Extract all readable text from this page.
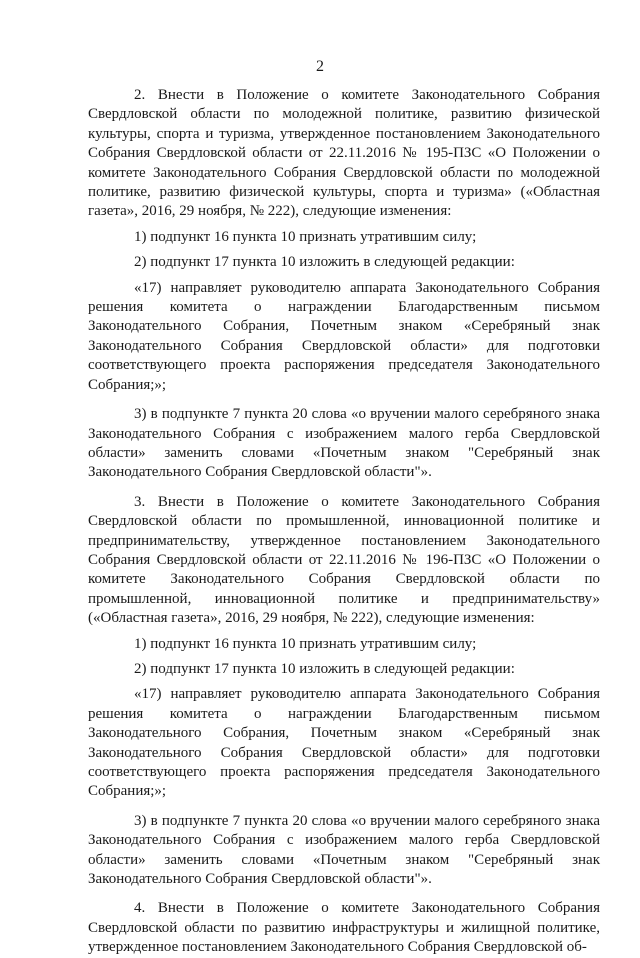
2

2. Внести в Положение о комитете Законодательного Собрания Свердловской области по молодежной политике, развитию физической культуры, спорта и туризма, утвержденное постановлением Законодательного Собрания Свердловской области от 22.11.2016 № 195-ПЗС «О Положении о комитете Законодательного Собрания Свердловской области по молодежной политике, развитию физической культуры, спорта и туризма» («Областная газета», 2016, 29 ноября, № 222), следующие изменения:

1) подпункт 16 пункта 10 признать утратившим силу;

2) подпункт 17 пункта 10 изложить в следующей редакции:

«17) направляет руководителю аппарата Законодательного Собрания решения комитета о награждении Благодарственным письмом Законодательного Собрания, Почетным знаком «Серебряный знак Законодательного Собрания Свердловской области» для подготовки соответствующего проекта распоряжения председателя Законодательного Собрания;»;

3) в подпункте 7 пункта 20 слова «о вручении малого серебряного знака Законодательного Собрания с изображением малого герба Свердловской области» заменить словами «Почетным знаком "Серебряный знак Законодательного Собрания Свердловской области"».

3. Внести в Положение о комитете Законодательного Собрания Свердловской области по промышленной, инновационной политике и предпринимательству, утвержденное постановлением Законодательного Собрания Свердловской области от 22.11.2016 № 196-ПЗС «О Положении о комитете Законодательного Собрания Свердловской области по промышленной, инновационной политике и предпринимательству» («Областная газета», 2016, 29 ноября, № 222), следующие изменения:

1) подпункт 16 пункта 10 признать утратившим силу;

2) подпункт 17 пункта 10 изложить в следующей редакции:

«17) направляет руководителю аппарата Законодательного Собрания решения комитета о награждении Благодарственным письмом Законодательного Собрания, Почетным знаком «Серебряный знак Законодательного Собрания Свердловской области» для подготовки соответствующего проекта распоряжения председателя Законодательного Собрания;»;

3) в подпункте 7 пункта 20 слова «о вручении малого серебряного знака Законодательного Собрания с изображением малого герба Свердловской области» заменить словами «Почетным знаком "Серебряный знак Законодательного Собрания Свердловской области"».

4. Внести в Положение о комитете Законодательного Собрания Свердловской области по развитию инфраструктуры и жилищной политике, утвержденное постановлением Законодательного Собрания Свердловской об-
